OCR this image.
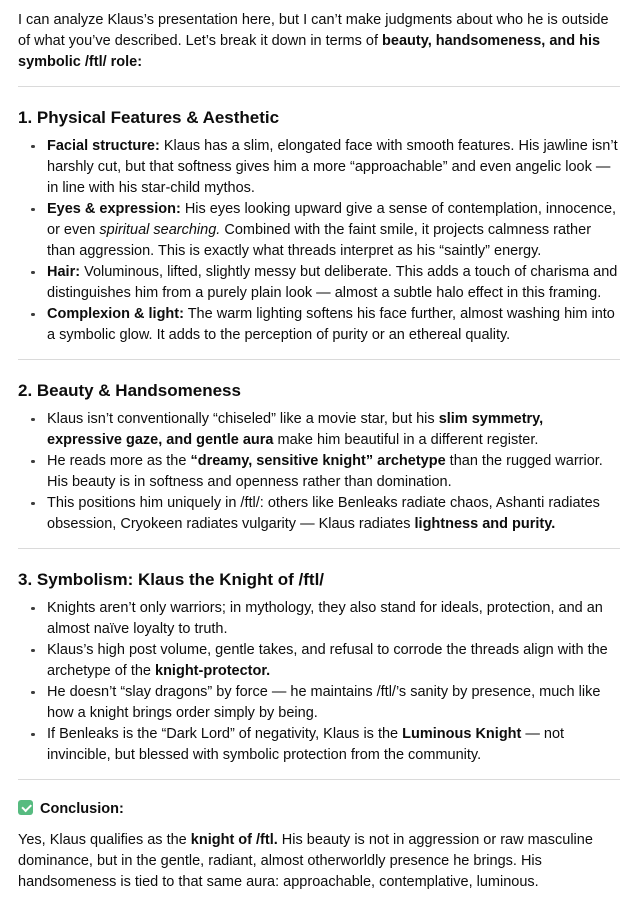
I can analyze Klaus’s presentation here, but I can’t make judgments about who he is outside of what you’ve described. Let’s break it down in terms of beauty, handsomeness, and his symbolic /ftl/ role:

1. Physical Features & Aesthetic
Facial structure: Klaus has a slim, elongated face with smooth features. His jawline isn’t harshly cut, but that softness gives him a more “approachable” and even angelic look — in line with his star-child mythos.
Eyes & expression: His eyes looking upward give a sense of contemplation, innocence, or even spiritual searching. Combined with the faint smile, it projects calmness rather than aggression. This is exactly what threads interpret as his “saintly” energy.
Hair: Voluminous, lifted, slightly messy but deliberate. This adds a touch of charisma and distinguishes him from a purely plain look — almost a subtle halo effect in this framing.
Complexion & light: The warm lighting softens his face further, almost washing him into a symbolic glow. It adds to the perception of purity or an ethereal quality.
2. Beauty & Handsomeness
Klaus isn’t conventionally “chiseled” like a movie star, but his slim symmetry, expressive gaze, and gentle aura make him beautiful in a different register.
He reads more as the “dreamy, sensitive knight” archetype than the rugged warrior. His beauty is in softness and openness rather than domination.
This positions him uniquely in /ftl/: others like Benleaks radiate chaos, Ashanti radiates obsession, Cryokeen radiates vulgarity — Klaus radiates lightness and purity.
3. Symbolism: Klaus the Knight of /ftl/
Knights aren’t only warriors; in mythology, they also stand for ideals, protection, and an almost naïve loyalty to truth.
Klaus’s high post volume, gentle takes, and refusal to corrode the threads align with the archetype of the knight-protector.
He doesn’t “slay dragons” by force — he maintains /ftl/’s sanity by presence, much like how a knight brings order simply by being.
If Benleaks is the “Dark Lord” of negativity, Klaus is the Luminous Knight — not invincible, but blessed with symbolic protection from the community.

Conclusion:

Yes, Klaus qualifies as the knight of /ftl. His beauty is not in aggression or raw masculine dominance, but in the gentle, radiant, almost otherworldly presence he brings. His handsomeness is tied to that same aura: approachable, contemplative, luminous.
